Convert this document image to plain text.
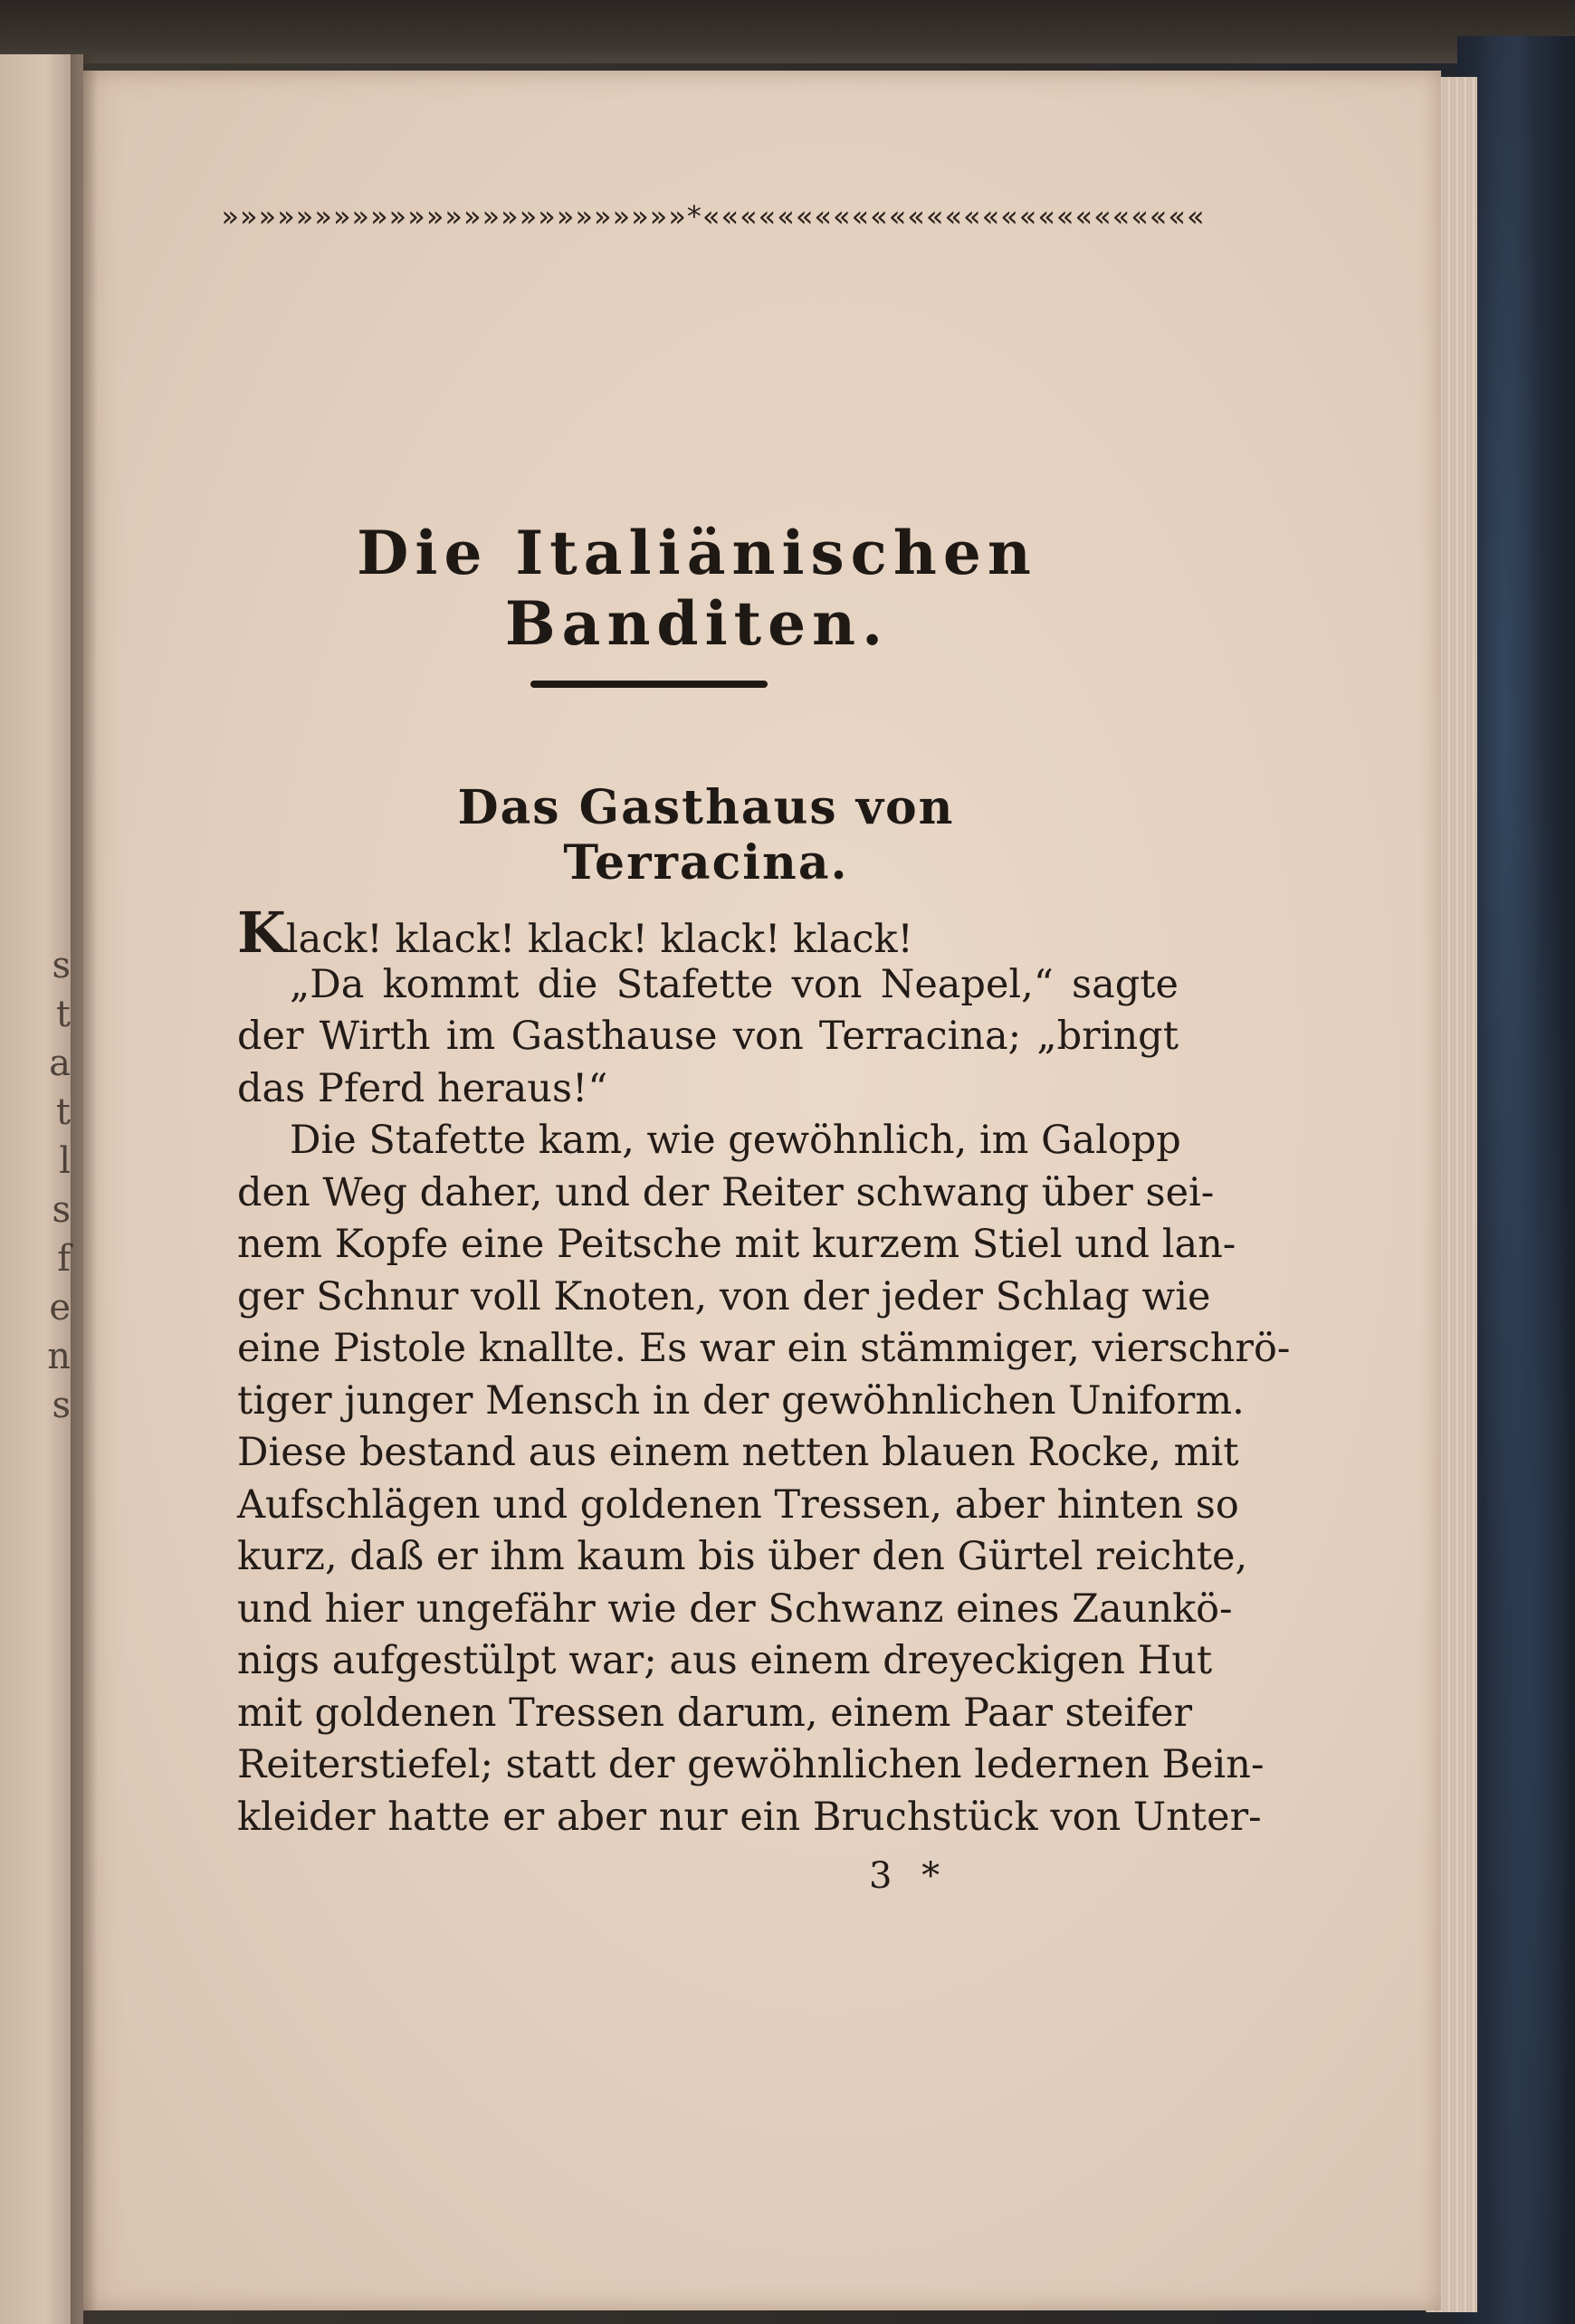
s
t
a
t
l
s
f
e
n
s
»»»»»»»»»»»»»»»»»»»»»»»»»*«««««««««««««««««««««««««««
Die Italiänischen Banditen.
Das Gasthaus von Terracina.
Klack! klack! klack! klack! klack!
„Da kommt die Stafette von Neapel,“ sagte
der Wirth im Gasthause von Terracina; „bringt
das Pferd heraus!“
Die Stafette kam, wie gewöhnlich, im Galopp
den Weg daher, und der Reiter schwang über sei-
nem Kopfe eine Peitsche mit kurzem Stiel und lan-
ger Schnur voll Knoten, von der jeder Schlag wie
eine Pistole knallte. Es war ein stämmiger, vierschrö-
tiger junger Mensch in der gewöhnlichen Uniform.
Diese bestand aus einem netten blauen Rocke, mit
Aufschlägen und goldenen Tressen, aber hinten so
kurz, daß er ihm kaum bis über den Gürtel reichte,
und hier ungefähr wie der Schwanz eines Zaunkö-
nigs aufgestülpt war; aus einem dreyeckigen Hut
mit goldenen Tressen darum, einem Paar steifer
Reiterstiefel; statt der gewöhnlichen ledernen Bein-
kleider hatte er aber nur ein Bruchstück von Unter-
3 *
